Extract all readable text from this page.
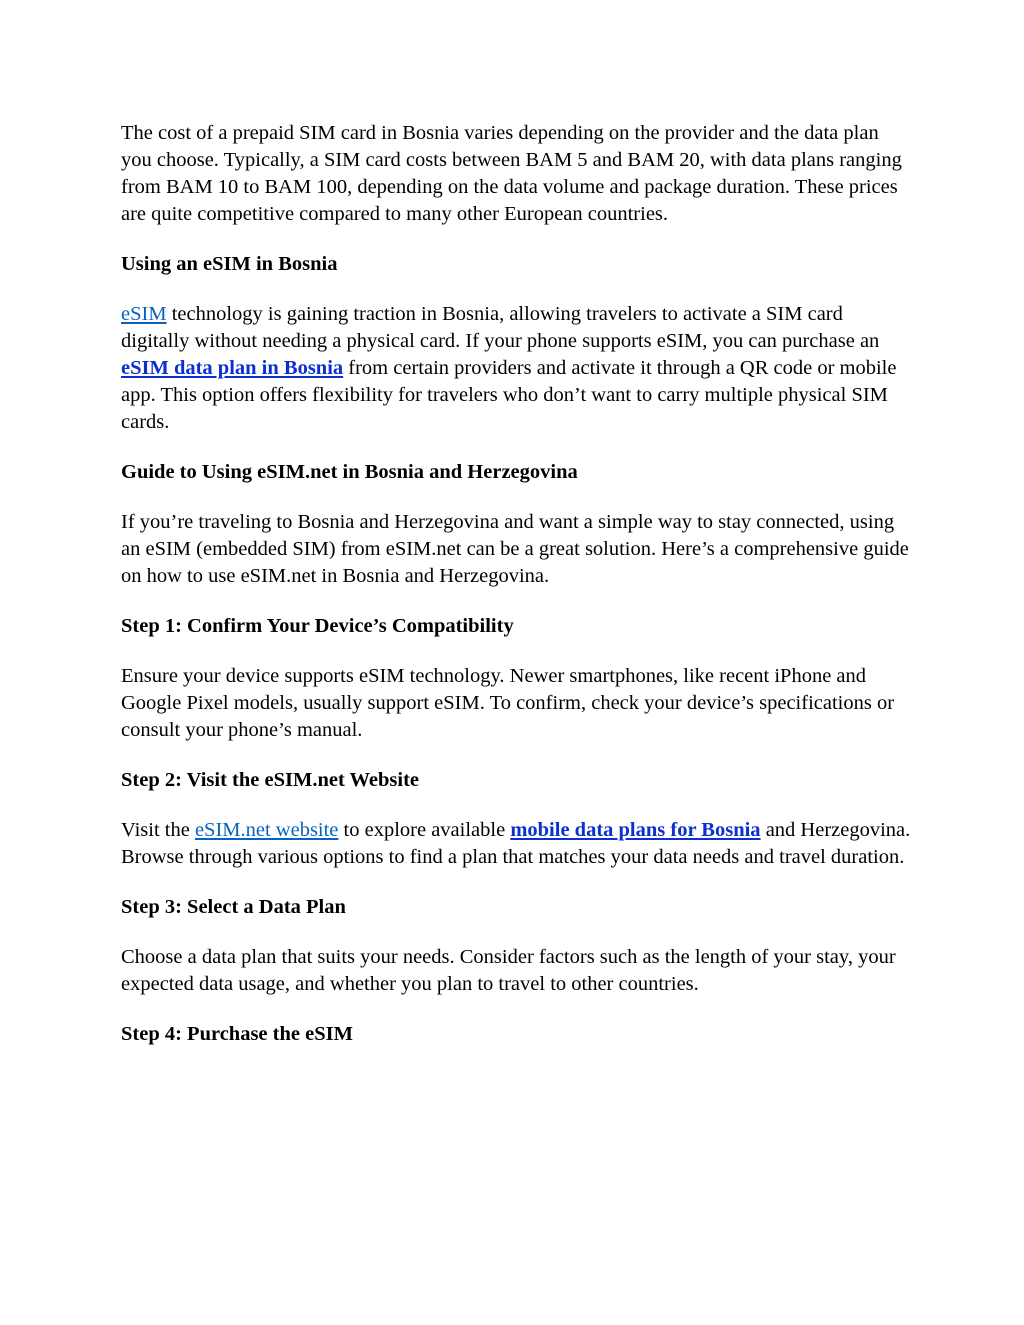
The cost of a prepaid SIM card in Bosnia varies depending on the provider and the data plan you choose. Typically, a SIM card costs between BAM 5 and BAM 20, with data plans ranging from BAM 10 to BAM 100, depending on the data volume and package duration. These prices are quite competitive compared to many other European countries.

Using an eSIM in Bosnia

eSIM technology is gaining traction in Bosnia, allowing travelers to activate a SIM card digitally without needing a physical card. If your phone supports eSIM, you can purchase an eSIM data plan in Bosnia from certain providers and activate it through a QR code or mobile app. This option offers flexibility for travelers who don’t want to carry multiple physical SIM cards.

Guide to Using eSIM.net in Bosnia and Herzegovina

If you’re traveling to Bosnia and Herzegovina and want a simple way to stay connected, using an eSIM (embedded SIM) from eSIM.net can be a great solution. Here’s a comprehensive guide on how to use eSIM.net in Bosnia and Herzegovina.

Step 1: Confirm Your Device’s Compatibility

Ensure your device supports eSIM technology. Newer smartphones, like recent iPhone and Google Pixel models, usually support eSIM. To confirm, check your device’s specifications or consult your phone’s manual.

Step 2: Visit the eSIM.net Website

Visit the eSIM.net website to explore available mobile data plans for Bosnia and Herzegovina. Browse through various options to find a plan that matches your data needs and travel duration.

Step 3: Select a Data Plan

Choose a data plan that suits your needs. Consider factors such as the length of your stay, your expected data usage, and whether you plan to travel to other countries.

Step 4: Purchase the eSIM
